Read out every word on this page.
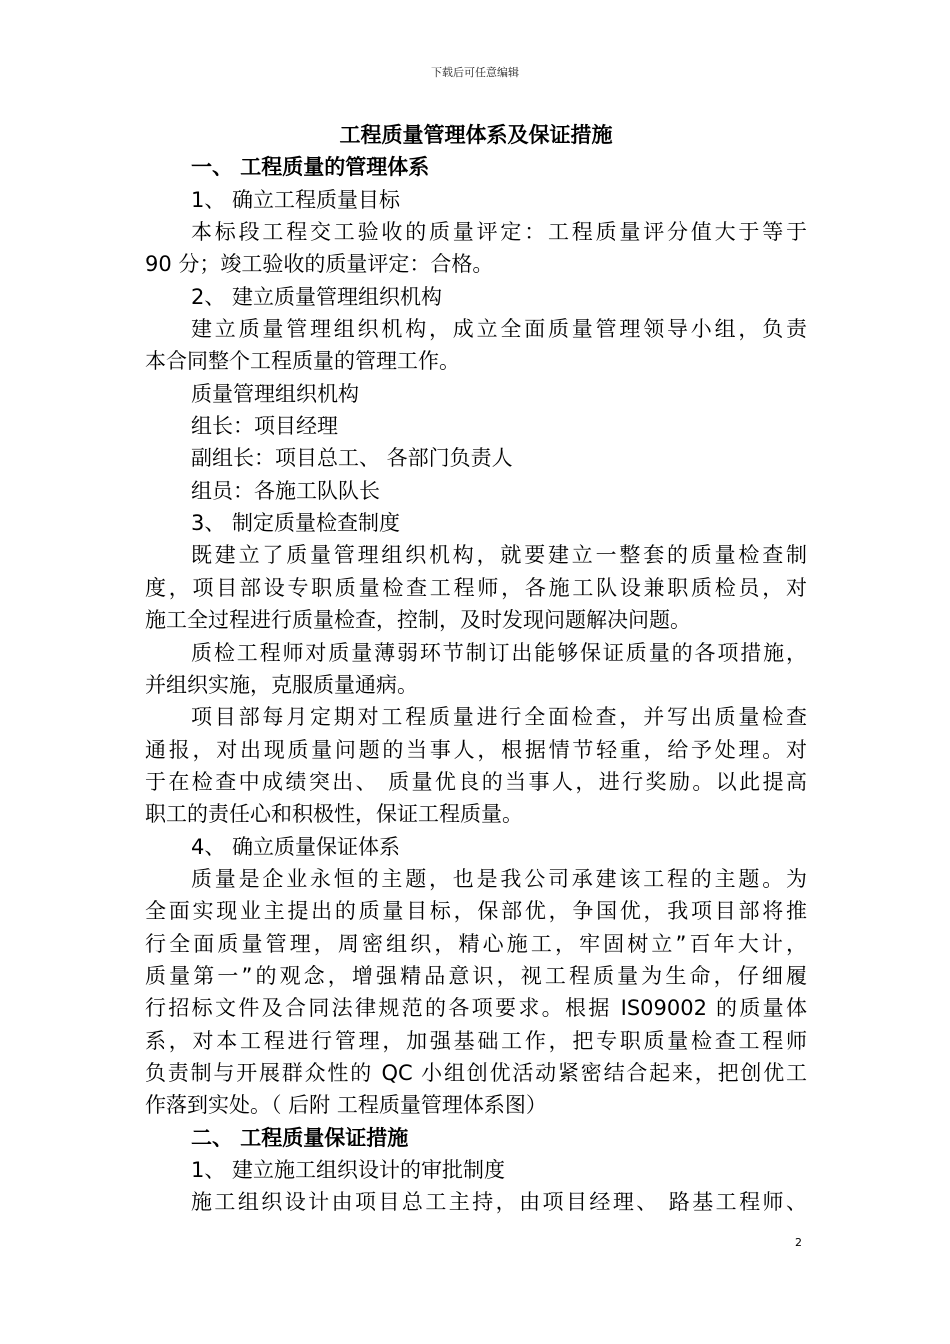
下载后可任意编辑
工程质量管理体系及保证措施
一、 工程质量的管理体系
1、 确立工程质量目标
本标段工程交工验收的质量评定：工程质量评分值大于等于
90 分；竣工验收的质量评定：合格。
2、 建立质量管理组织机构
建立质量管理组织机构，成立全面质量管理领导小组，负责
本合同整个工程质量的管理工作。
质量管理组织机构
组长：项目经理
副组长：项目总工、 各部门负责人
组员：各施工队队长
3、 制定质量检查制度
既建立了质量管理组织机构，就要建立一整套的质量检查制
度，项目部设专职质量检查工程师，各施工队设兼职质检员，对
施工全过程进行质量检查，控制，及时发现问题解决问题。
质检工程师对质量薄弱环节制订出能够保证质量的各项措施，
并组织实施，克服质量通病。
项目部每月定期对工程质量进行全面检查，并写出质量检查
通报，对出现质量问题的当事人，根据情节轻重，给予处理。对
于在检查中成绩突出、 质量优良的当事人，进行奖励。以此提高
职工的责任心和积极性，保证工程质量。
4、 确立质量保证体系
质量是企业永恒的主题，也是我公司承建该工程的主题。为
全面实现业主提出的质量目标，保部优，争国优，我项目部将推
行全面质量管理，周密组织，精心施工，牢固树立”百年大计，
质量第一”的观念，增强精品意识，视工程质量为生命，仔细履
行招标文件及合同法律规范的各项要求。根据 IS09002 的质量体
系，对本工程进行管理，加强基础工作，把专职质量检查工程师
负责制与开展群众性的 QC 小组创优活动紧密结合起来，把创优工
作落到实处。（ 后附 工程质量管理体系图）
二、 工程质量保证措施
1、 建立施工组织设计的审批制度
施工组织设计由项目总工主持，由项目经理、 路基工程师、
2
